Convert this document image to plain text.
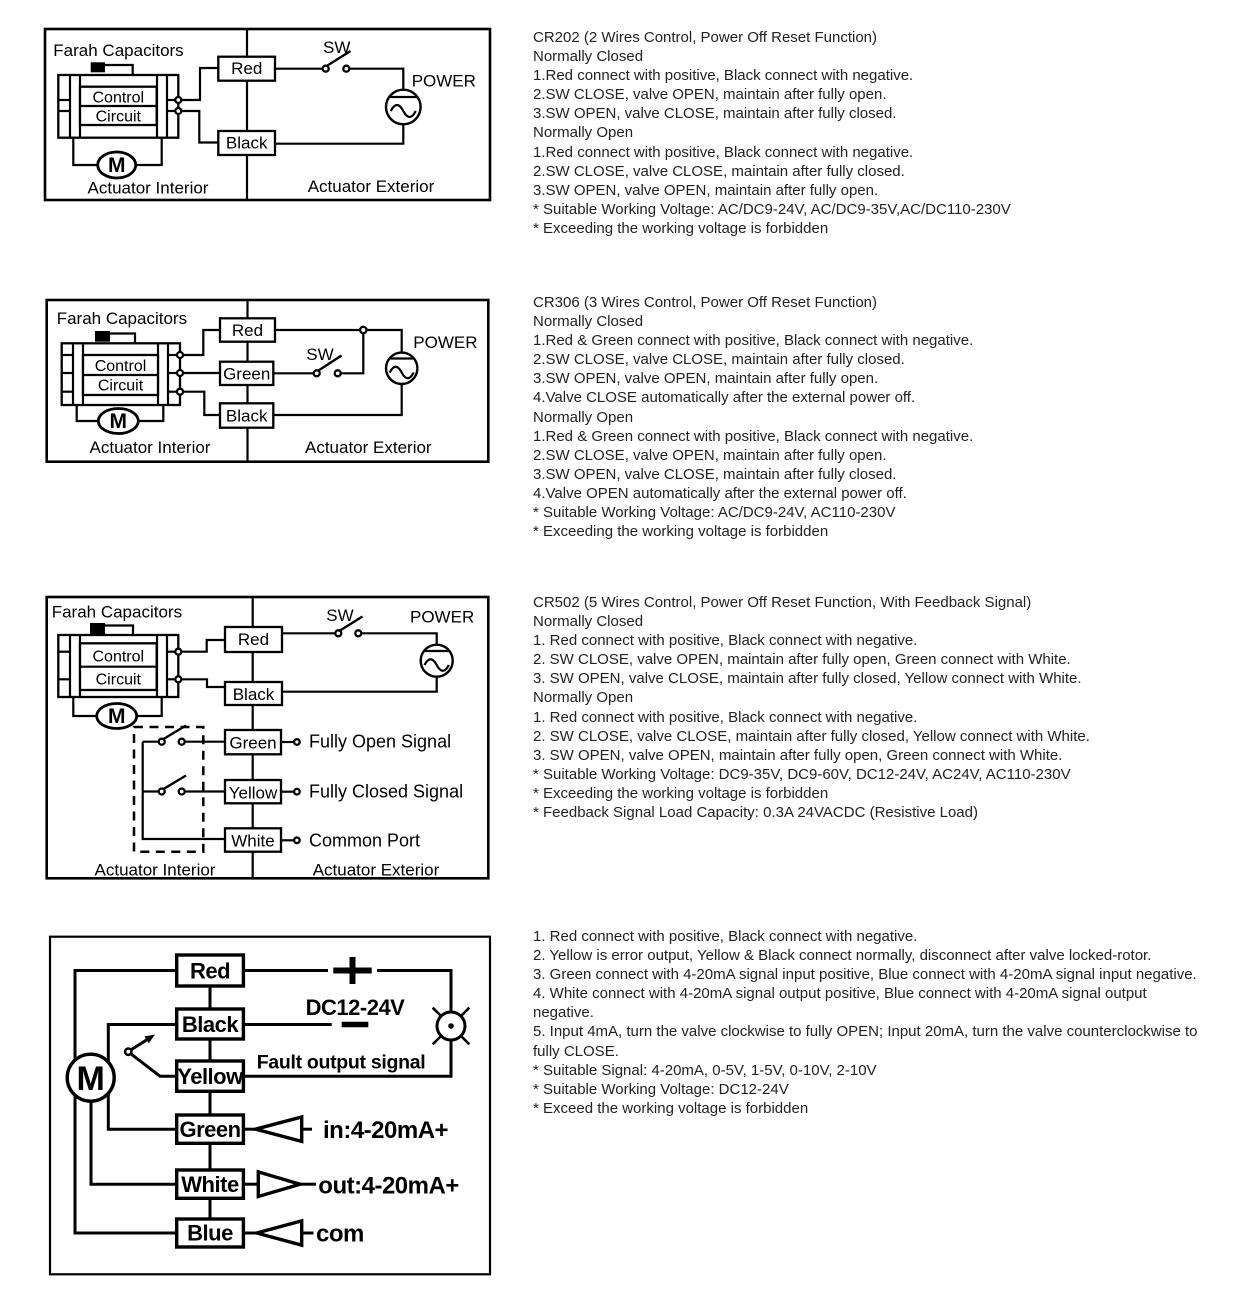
Control
Circuit
M
Farah Capacitors
Red
Black
SW
POWER
Actuator Interior	Actuator Exterior
Control
Circuit
M
Farah Capacitors
Red
Green
Black
SW
POWER
Actuator Interior	Actuator Exterior
Control
Circuit
M
Farah Capacitors
Red
Black
Green
Yellow
White
SW	POWER
Fully Open Signal
Fully Closed Signal
Common Port
Actuator Interior	Actuator Exterior
M
DC12-24V
Fault output signal
in:4-20mA+
out:4-20mA+
com
Red
Black
Yellow
Green
White
Blue
CR202 (2 Wires Control, Power Off Reset Function)
Normally Closed
1.Red connect with positive, Black connect with negative.
2.SW CLOSE, valve OPEN, maintain after fully open.
3.SW OPEN, valve CLOSE, maintain after fully closed.
Normally Open
1.Red connect with positive, Black connect with negative.
2.SW CLOSE, valve CLOSE, maintain after fully closed.
3.SW OPEN, valve OPEN, maintain after fully open.
* Suitable Working Voltage: AC/DC9-24V, AC/DC9-35V,AC/DC110-230V
* Exceeding the working voltage is forbidden
CR306 (3 Wires Control, Power Off Reset Function)
Normally Closed
1.Red & Green connect with positive, Black connect with negative.
2.SW CLOSE, valve CLOSE, maintain after fully closed.
3.SW OPEN, valve OPEN, maintain after fully open.
4.Valve CLOSE automatically after the external power off.
Normally Open
1.Red & Green connect with positive, Black connect with negative.
2.SW CLOSE, valve OPEN, maintain after fully open.
3.SW OPEN, valve CLOSE, maintain after fully closed.
4.Valve OPEN automatically after the external power off.
* Suitable Working Voltage: AC/DC9-24V, AC110-230V
* Exceeding the working voltage is forbidden
CR502 (5 Wires Control, Power Off Reset Function, With Feedback Signal)
Normally Closed
1. Red connect with positive, Black connect with negative.
2. SW CLOSE, valve OPEN, maintain after fully open, Green connect with White.
3. SW OPEN, valve CLOSE, maintain after fully closed, Yellow connect with White.
Normally Open
1. Red connect with positive, Black connect with negative.
2. SW CLOSE, valve CLOSE, maintain after fully closed, Yellow connect with White.
3. SW OPEN, valve OPEN, maintain after fully open, Green connect with White.
* Suitable Working Voltage: DC9-35V, DC9-60V, DC12-24V, AC24V, AC110-230V
* Exceeding the working voltage is forbidden
* Feedback Signal Load Capacity: 0.3A 24VACDC (Resistive Load)
1. Red connect with positive, Black connect with negative.
2. Yellow is error output, Yellow & Black connect normally, disconnect after valve locked-rotor.
3. Green connect with 4-20mA signal input positive, Blue connect with 4-20mA signal input negative.
4. White connect with 4-20mA signal output positive, Blue connect with 4-20mA signal output
negative.
5. Input 4mA, turn the valve clockwise to fully OPEN; Input 20mA, turn the valve counterclockwise to
fully CLOSE.
* Suitable Signal: 4-20mA, 0-5V, 1-5V, 0-10V, 2-10V
* Suitable Working Voltage: DC12-24V
* Exceed the working voltage is forbidden
